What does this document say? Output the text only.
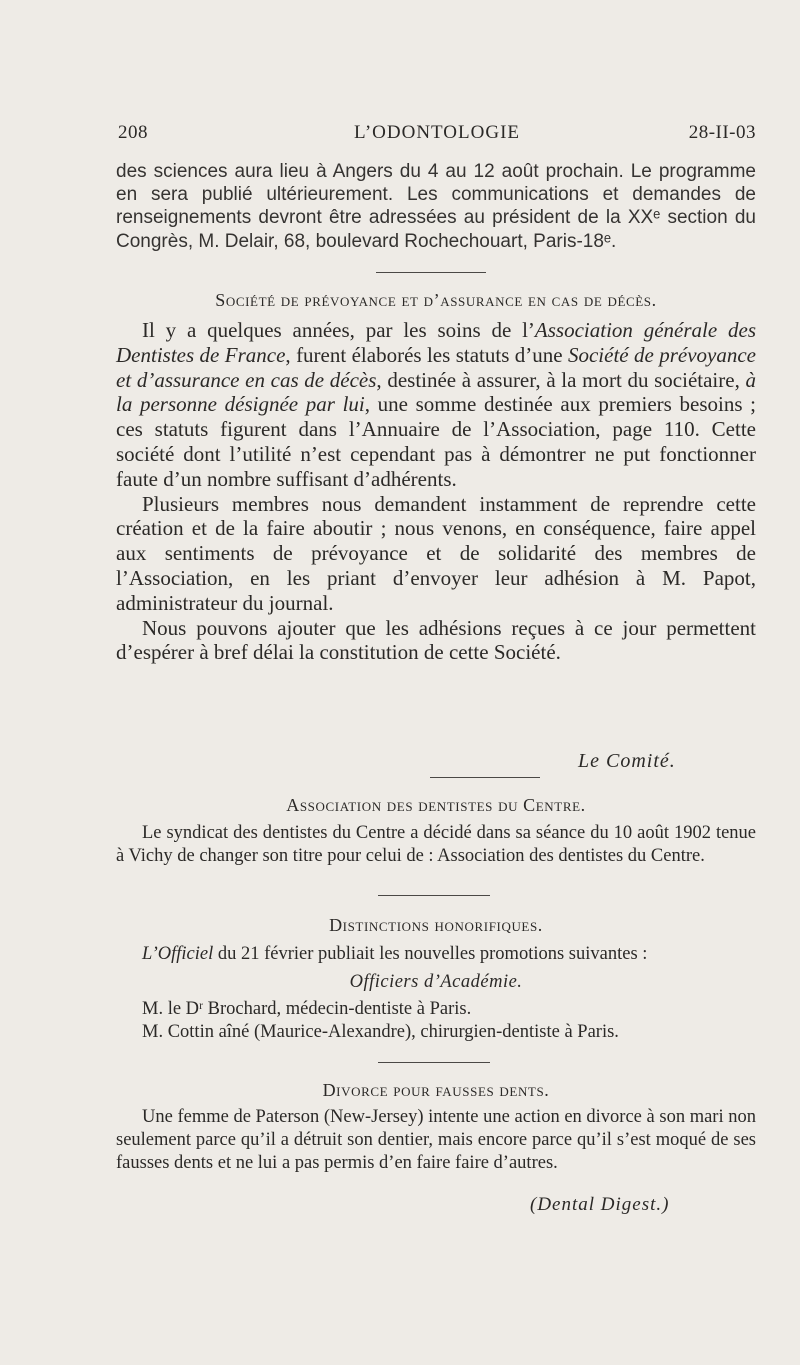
208	L’ODONTOLOGIE	28-II-03

des sciences aura lieu à Angers du 4 au 12 août prochain. Le programme en sera publié ultérieurement. Les communications et demandes de renseignements devront être adressées au président de la XXᵉ section du Congrès, M. Delair, 68, boulevard Rochechouart, Paris-18ᵉ.

Société de prévoyance et d’assurance en cas de décès.

Il y a quelques années, par les soins de l’Association générale des Dentistes de France, furent élaborés les statuts d’une Société de prévoyance et d’assurance en cas de décès, destinée à assurer, à la mort du sociétaire, à la personne désignée par lui, une somme destinée aux premiers besoins ; ces statuts figurent dans l’Annuaire de l’Association, page 110. Cette société dont l’utilité n’est cependant pas à démontrer ne put fonctionner faute d’un nombre suffisant d’adhérents.

Plusieurs membres nous demandent instamment de reprendre cette création et de la faire aboutir ; nous venons, en conséquence, faire appel aux sentiments de prévoyance et de solidarité des membres de l’Association, en les priant d’envoyer leur adhésion à M. Papot, administrateur du journal.

Nous pouvons ajouter que les adhésions reçues à ce jour permettent d’espérer à bref délai la constitution de cette Société.

Le Comité.
Association des dentistes du Centre.

Le syndicat des dentistes du Centre a décidé dans sa séance du 10 août 1902 tenue à Vichy de changer son titre pour celui de : Association des dentistes du Centre.

Distinctions honorifiques.

L’Officiel du 21 février publiait les nouvelles promotions suivantes :

Officiers d’Académie.

M. le Dʳ Brochard, médecin-dentiste à Paris.

M. Cottin aîné (Maurice-Alexandre), chirurgien-dentiste à Paris.

Divorce pour fausses dents.

Une femme de Paterson (New-Jersey) intente une action en divorce à son mari non seulement parce qu’il a détruit son dentier, mais encore parce qu’il s’est moqué de ses fausses dents et ne lui a pas permis d’en faire faire d’autres.

(Dental Digest.)
